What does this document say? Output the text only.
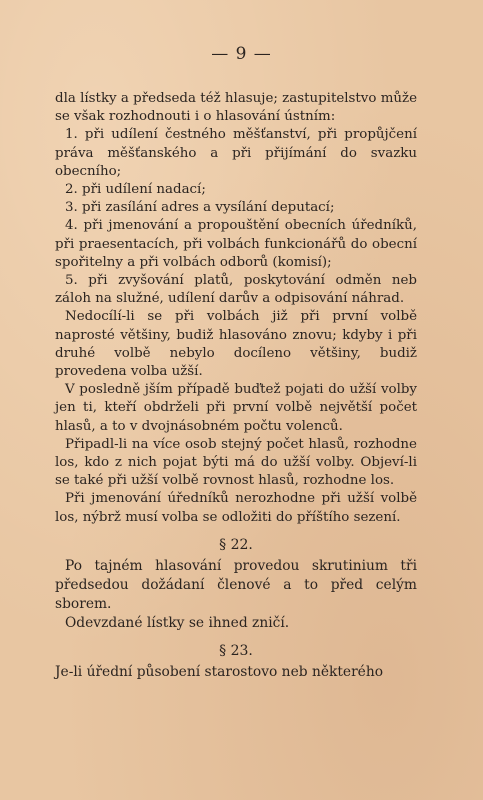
— 9 —

dla lístky a předseda též hlasuje; zastupitelstvo může se však rozhodnouti i o hlasování ústním:

1. při udílení čestného měšťanství, při propůjčení práva měšťanského a při přijímání do svazku obecního;

2. při udílení nadací;

3. při zasílání adres a vysílání deputací;

4. při jmenování a propouštění obecních úředníků, při praesentacích, při volbách funkcionářů do obecní spořitelny a při volbách odborů (komisí);

5. při zvyšování platů, poskytování odměn neb záloh na služné, udílení darův a odpisování náhrad.

Nedocílí-li se při volbách již při první volbě naprosté většiny, budiž hlasováno znovu; kdyby i při druhé volbě nebylo docíleno většiny, budiž provedena volba užší.

V posledně jším případě buďtež pojati do užší volby jen ti, kteří obdrželi při první volbě největší počet hlasů, a to v dvojnásobném počtu volenců.

Připadl-li na více osob stejný počet hlasů, rozhodne los, kdo z nich pojat býti má do užší volby. Objeví-li se také při užší volbě rovnost hlasů, rozhodne los.

Při jmenování úředníků nerozhodne při užší volbě los, nýbrž musí volba se odložiti do příštího sezení.

§ 22.

Po tajném hlasování provedou skrutinium tři předsedou dožádaní členové a to před celým sborem.

Odevzdané lístky se ihned zničí.

§ 23.

Je-li úřední působení starostovo neb některého
